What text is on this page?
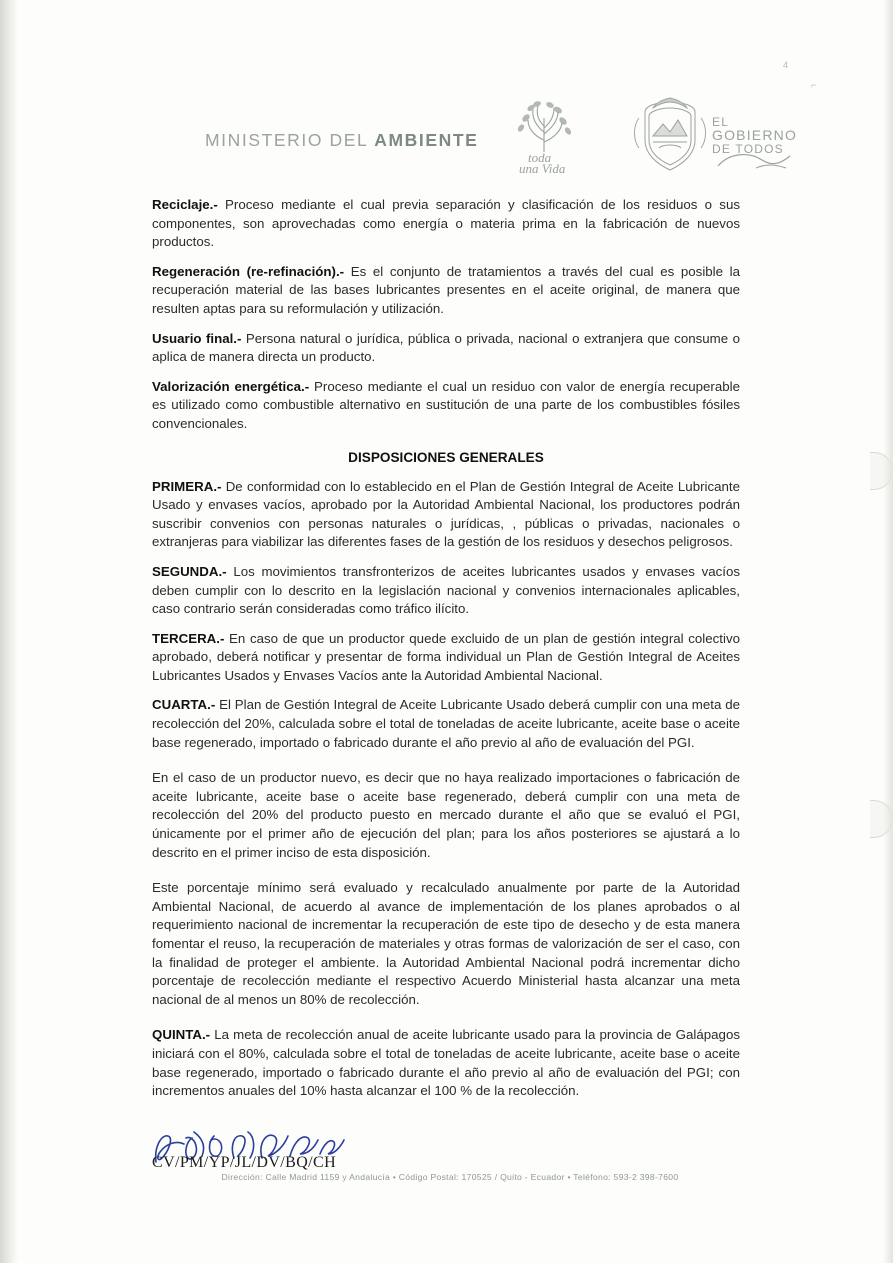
4
⌐
MINISTERIO DEL AMBIENTE
toda
una Vida
EL
GOBIERNO
DE TODOS

Reciclaje.- Proceso mediante el cual previa separación y clasificación de los residuos o sus componentes, son aprovechadas como energía o materia prima en la fabricación de nuevos productos.

Regeneración (re-refinación).- Es el conjunto de tratamientos a través del cual es posible la recuperación material de las bases lubricantes presentes en el aceite original, de manera que resulten aptas para su reformulación y utilización.

Usuario final.- Persona natural o jurídica, pública o privada, nacional o extranjera que consume o aplica de manera directa un producto.

Valorización energética.- Proceso mediante el cual un residuo con valor de energía recuperable es utilizado como combustible alternativo en sustitución de una parte de los combustibles fósiles convencionales.

DISPOSICIONES GENERALES

PRIMERA.- De conformidad con lo establecido en el Plan de Gestión Integral de Aceite Lubricante Usado y envases vacíos, aprobado por la Autoridad Ambiental Nacional, los productores podrán suscribir convenios con personas naturales o jurídicas, , públicas o privadas, nacionales o extranjeras para viabilizar las diferentes fases de la gestión de los residuos y desechos peligrosos.

SEGUNDA.- Los movimientos transfronterizos de aceites lubricantes usados y envases vacíos deben cumplir con lo descrito en la legislación nacional y convenios internacionales aplicables, caso contrario serán consideradas como tráfico ilícito.

TERCERA.- En caso de que un productor quede excluido de un plan de gestión integral colectivo aprobado, deberá notificar y presentar de forma individual un Plan de Gestión Integral de Aceites Lubricantes Usados y Envases Vacíos ante la Autoridad Ambiental Nacional.

CUARTA.- El Plan de Gestión Integral de Aceite Lubricante Usado deberá cumplir con una meta de recolección del 20%, calculada sobre el total de toneladas de aceite lubricante, aceite base o aceite base regenerado, importado o fabricado durante el año previo al año de evaluación del PGI.

En el caso de un productor nuevo, es decir que no haya realizado importaciones o fabricación de aceite lubricante, aceite base o aceite base regenerado, deberá cumplir con una meta de recolección del 20% del producto puesto en mercado durante el año que se evaluó el PGI, únicamente por el primer año de ejecución del plan; para los años posteriores se ajustará a lo descrito en el primer inciso de esta disposición.

Este porcentaje mínimo será evaluado y recalculado anualmente por parte de la Autoridad Ambiental Nacional, de acuerdo al avance de implementación de los planes aprobados o al requerimiento nacional de incrementar la recuperación de este tipo de desecho y de esta manera fomentar el reuso, la recuperación de materiales y otras formas de valorización de ser el caso, con la finalidad de proteger el ambiente. la Autoridad Ambiental Nacional podrá incrementar dicho porcentaje de recolección mediante el respectivo Acuerdo Ministerial hasta alcanzar una meta nacional de al menos un 80% de recolección.

QUINTA.- La meta de recolección anual de aceite lubricante usado para la provincia de Galápagos iniciará con el 80%, calculada sobre el total de toneladas de aceite lubricante, aceite base o aceite base regenerado, importado o fabricado durante el año previo al año de evaluación del PGI; con incrementos anuales del 10% hasta alcanzar el 100 % de la recolección.

CV/PM/YP/JL/DV/BQ/CH
Dirección: Calle Madrid 1159 y Andalucía • Código Postal: 170525 / Quito - Ecuador • Teléfono: 593-2 398-7600
